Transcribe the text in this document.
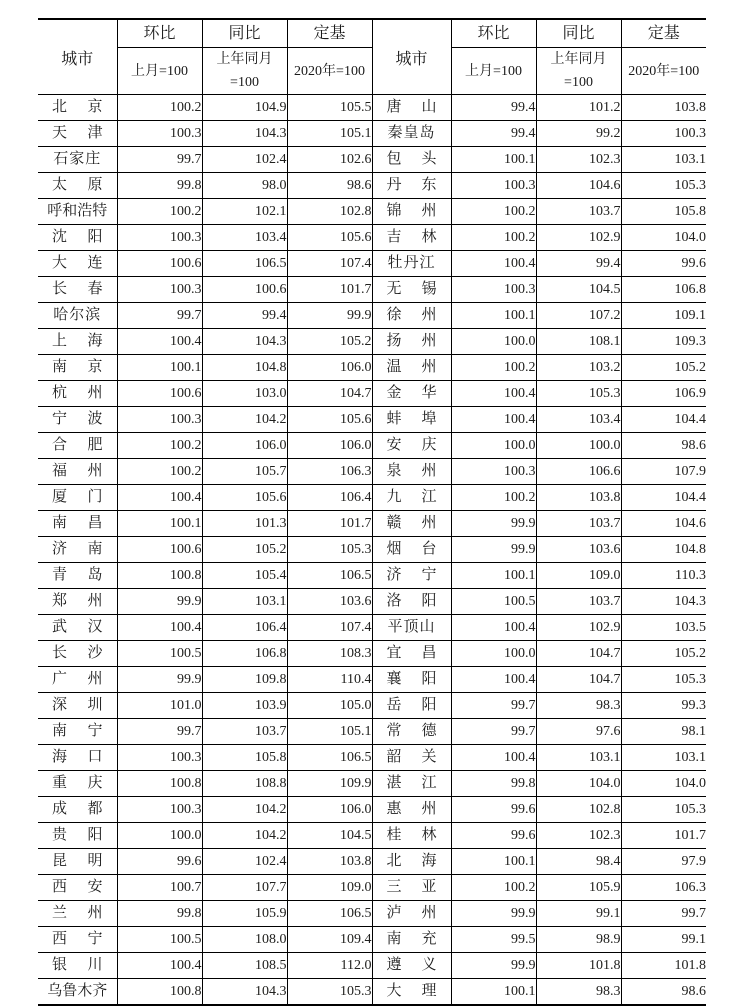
城市	环比	同比	定基	城市	环比	同比	定基
	上月=100	上年同月=100	2020年=100		上月=100	上年同月=100	2020年=100

北 京	100.2	104.9	105.5	唐 山	99.4	101.2	103.8

天 津	100.3	104.3	105.1	秦皇岛	99.4	99.2	100.3

石家庄	99.7	102.4	102.6	包 头	100.1	102.3	103.1

太 原	99.8	98.0	98.6	丹 东	100.3	104.6	105.3

呼和浩特	100.2	102.1	102.8	锦 州	100.2	103.7	105.8

沈 阳	100.3	103.4	105.6	吉 林	100.2	102.9	104.0

大 连	100.6	106.5	107.4	牡丹江	100.4	99.4	99.6

长 春	100.3	100.6	101.7	无 锡	100.3	104.5	106.8

哈尔滨	99.7	99.4	99.9	徐 州	100.1	107.2	109.1

上 海	100.4	104.3	105.2	扬 州	100.0	108.1	109.3

南 京	100.1	104.8	106.0	温 州	100.2	103.2	105.2

杭 州	100.6	103.0	104.7	金 华	100.4	105.3	106.9

宁 波	100.3	104.2	105.6	蚌 埠	100.4	103.4	104.4

合 肥	100.2	106.0	106.0	安 庆	100.0	100.0	98.6

福 州	100.2	105.7	106.3	泉 州	100.3	106.6	107.9

厦 门	100.4	105.6	106.4	九 江	100.2	103.8	104.4

南 昌	100.1	101.3	101.7	赣 州	99.9	103.7	104.6

济 南	100.6	105.2	105.3	烟 台	99.9	103.6	104.8

青 岛	100.8	105.4	106.5	济 宁	100.1	109.0	110.3

郑 州	99.9	103.1	103.6	洛 阳	100.5	103.7	104.3

武 汉	100.4	106.4	107.4	平顶山	100.4	102.9	103.5

长 沙	100.5	106.8	108.3	宜 昌	100.0	104.7	105.2

广 州	99.9	109.8	110.4	襄 阳	100.4	104.7	105.3

深 圳	101.0	103.9	105.0	岳 阳	99.7	98.3	99.3

南 宁	99.7	103.7	105.1	常 德	99.7	97.6	98.1

海 口	100.3	105.8	106.5	韶 关	100.4	103.1	103.1

重 庆	100.8	108.8	109.9	湛 江	99.8	104.0	104.0

成 都	100.3	104.2	106.0	惠 州	99.6	102.8	105.3

贵 阳	100.0	104.2	104.5	桂 林	99.6	102.3	101.7

昆 明	99.6	102.4	103.8	北 海	100.1	98.4	97.9

西 安	100.7	107.7	109.0	三 亚	100.2	105.9	106.3

兰 州	99.8	105.9	106.5	泸 州	99.9	99.1	99.7

西 宁	100.5	108.0	109.4	南 充	99.5	98.9	99.1

银 川	100.4	108.5	112.0	遵 义	99.9	101.8	101.8

乌鲁木齐	100.8	104.3	105.3	大 理	100.1	98.3	98.6
